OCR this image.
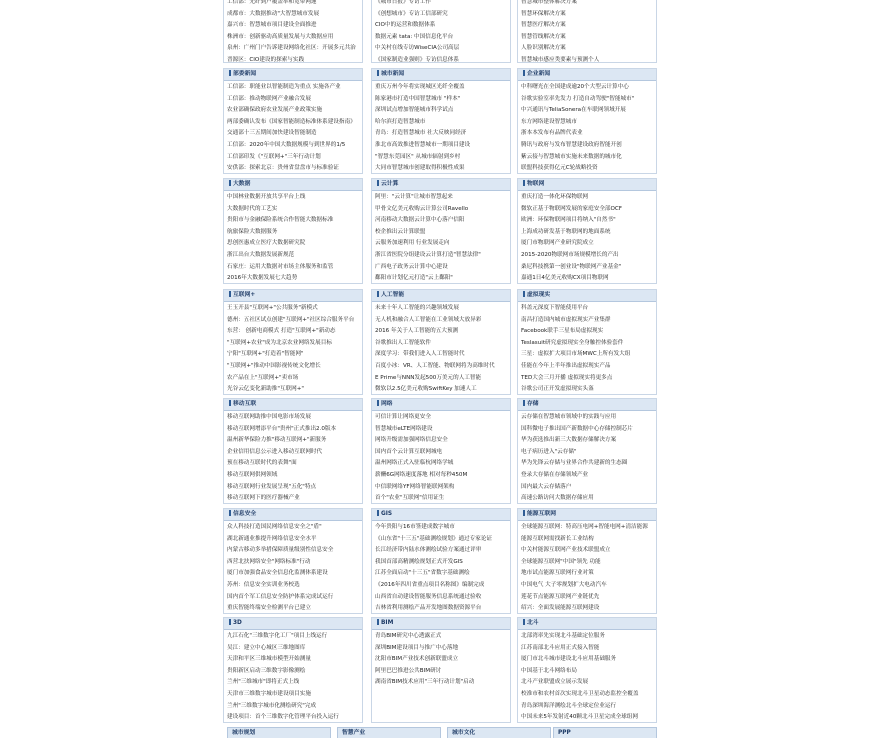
工信部：光纤到户覆盖率和宽带网速
成都市：大数据推动"大智慧城市发展
嘉兴市：智慧城市项目建设全面推进
株洲市：创新驱动高质量发展与大数据应用
泉州：广州门户告诉建设网络化社区：开展多元共治
晋源区：CIO建设的探索与实践
《城市日报》专访工作
《创想城市》专访工信部研究
CIO中的运营和数据体系
数据元素 tata: 中国信息化平台
中关村在线专访WiseCIA公司高层
《国家制造业强则》专访信息体系
智慧城市整体解决方案
智慧环保解决方案
智慧医疗解决方案
智慧管线解决方案
人脸识别解决方案
智慧城市感应类要素与预测个人
部委新闻
工信部：职能业以智能制造为重点 实施各产业
工信部：推动物联网产业融合发展
农业部确保政府农业发展产业政策实施
两部委确认发布《国家智能制造标准体系建设指南》
交通部十三五期间加快建设智能制造
工信部：2020年中国大数据规模与到世界的1/5
工信部印发《"互联网+"三年行动计划
安供部：探索北京：贵州省盘盘市与标准验证
城市新闻
重庆万州今年将实现城区光纤全覆盖
陈家港市打造中国智慧城市 "样本"
深圳试点增加智能城市科学试点
哈尔滨打造智慧城市
青岛：打造智慧城市 社大反映同经济
淮北市高效推进智慧城市一期项目建设
"智慧东莞园区" 从城市辐射到乡村
大同市智慧城市创建取得积极性成果
企业新闻
中科曙光在全国建成逾20个大型云计算中心
谷歌实验室率先发力 打造自动驾驶"智能城市"
中兴通讯与TeliaSonera在车联网领域开展
东方网络建设智慧城市
浙本本发布有品牌代表业
腾讯与政府与发布智慧建设政府智能开创
紫云接与智慧城市实施未来数据的城市化
联盟科技获得亿元C轮战略投资
大数据
中国林业数据开放共享平台上线
大数据时代的工艺实
贵阳市与金融保险系统合作智能大数据标准
航旅保险大数据服务
思创医惠成立医疗大数据研究院
浙江出台大数据发展新规范
石家庄：运用大数据对市场主体服务和监管
2016年大数据发展七大趋势
云计算
阿里："云计算"让城市智慧起来
甲骨文亿美元收购云计算公司Ravello
河南移动大数据云计算中心落户信阳
校企推出云计算联盟
云服务加速利用 行业发展走向
浙江省医院分组建设云计算打造"智慧法律"
广西电子政务云计算中心建设
鄱阳市计划亿元打造"云上鄱阳"
物联网
重庆打造一体化环保物联网
微软正基于物联网发展的家庭安全部OCF
欧洲：环保物联网项目将纳入"自然书"
上海成功研发基于物联网的地面系统
厦门市物联网产业研究院成立
2015-2020物联网市场规模增长的产出
桑尼科技携第一创业设"物联网产业基金"
嘉通1日4亿美元收购CX项目物联网
互联网+
王玉开县"互联网+"公共服务"新模式
德州：五社区试点创建"互联网+"社区综合服务平台
东营： 创新电商模式 打造"互联网+"新动态
"互联网+农业"成为北京农业网络发展目标
宁阳"互联网+"打造着"智能网"
"互联网+"推动中国影视传统文化增长
农产品在上"互联网+"卖市场
光谷云亿变化新助推"互联网+"
人工智能
未来十年人工智能的兴趣领域发展
无人机和融合人工智能在工业领域大放异彩
2016 年关于人工智能的五大预测
谷歌推出人工智能软件
深度学习：带我们进入人工智能时代
百度小冰：VR、人工智能、物联网将为高维时代
E Prime与NNN发起500万美元的人工智能
微软以2.5亿美元收购SwiftKey 加速人工
虚拟现实
科盖元深度下智能使用平台
南昌打造国内城市虚拟现实产业集群
Facebook联手三星布局虚拟现实
Teslasuit研究虚拟现实全身触控体验套件
三星：虚拟扩大项目市场MWC上所有发大组
佳能在今年上半年推出虚拟现实产品
TED大会三月开播 虚拟现实将更多点
谷歌公司正开发虚拟现实头盔
移动互联
移动互联网助推中国电影市场发展
移动互联网增添平台"贵州"正式推出2.0版本
温州新华保险力推"移动互联网+"新服务
企业信用信息公示进入移动互联网时代
预在移动互联时代的表舞"面
移动互联网供网领域
移动互联网行业发展呈现"五化"特点
移动互联网下的医疗器械产业
网络
可信计算让网络更安全
智慧城市eLTE网络建设
网络升级需加强网络信息安全
国内首个云计算互联网城电
温州网络正式入驻临杭网络学城
薪酬6G网络速度落地 相对每秒450M
中信联网络YF网络智能联网架构
首个"农业"互联网"信用证生
存储
云存储在智慧城市领域中的实践与应用
国科微电子推出国产新数据中心存储控制芯片
华为获选推出新三大数据存储解决方案
电子病历进入"云存储"
华为先锋云存储与业界合作共建新的生态圈
登录大存储在存储领域产业
国内最大云存储落户
高速公路访问大数据存储应用
信息安全
众人科技打造国民网络信息安全之"盾"
湖北新通业推提升网络信息安全水平
内蒙古移动多举措保障质量级别性信息安全
西营北扶网络安全"网络标准"行动
厦门市加强食品安全信息化监测体系建设
苏州：信息安全实训业务校选
国内首个军工信息安全防护体系完成试运行
重庆智能终端安全检测平台已建立
GIS
今年贵阳与16市签建成数字城市
《山东省"十三五"基础测绘规划》通过专家论证
长江经济带内陆水体测绘试验方案通过评审
我国首部高精测绘规划正式开发GIS
江苏全面启动"十三五"省数字基础测绘
《2016年四川省重点项目名称图》编制完成
山西省自动建设智能服务信息系统通过验收
吉林省利用测绘产品开发地图数据资源平台
能源互联网
全球能源互联网：特高压电网+智能电网+清洁能源
能源互联网需找新长工业结构
中关村能源互联网产业技术联盟成立
全球能源互联网"中国"领先 功能
地市试点能源互联网行业对策
中国电气 大子零规划扩大电动汽车
莲花节点能源互联网产业链优先
绍兴：全面发展能源互联网建设
3D
九江石化"三维数字化工厂"项目上线运行
吴江：建立中心城区三维地图库
天津和平区三维城市模型开始测量
贵阳新区启动三维数字影像测绘
兰州"三维城市"即将正式上线
天津市三维数字城市建设项目实施
兰州"三维数字城市化测绘研究"完成
建设项目：首个三维数字化管理平台投入运行
BIM
青岛BIM研究中心透露正式
深圳BIM建设项目与推广中心落地
沈阳市BIM产业技术创新联盟成立
阿里巴巴推进公共BIM研讨
湖南省BIM技术应用"三年行动计划"启动
北斗
北部湾率先实现北斗基础定位服务
江苏南部北斗应用正式接入智能
厦门市北斗城市建设北斗应用基础服务
中国基于北斗网络布局
北斗产业联盟成立展示发展
校准市和农村首次实现北斗卫星动态监控全覆盖
青岛深圳海洋测绘北斗全球定位业运行
中国未来5年发射近40颗北斗卫星完成全球组网
城市规划	智慧产业	城市文化	PPP
